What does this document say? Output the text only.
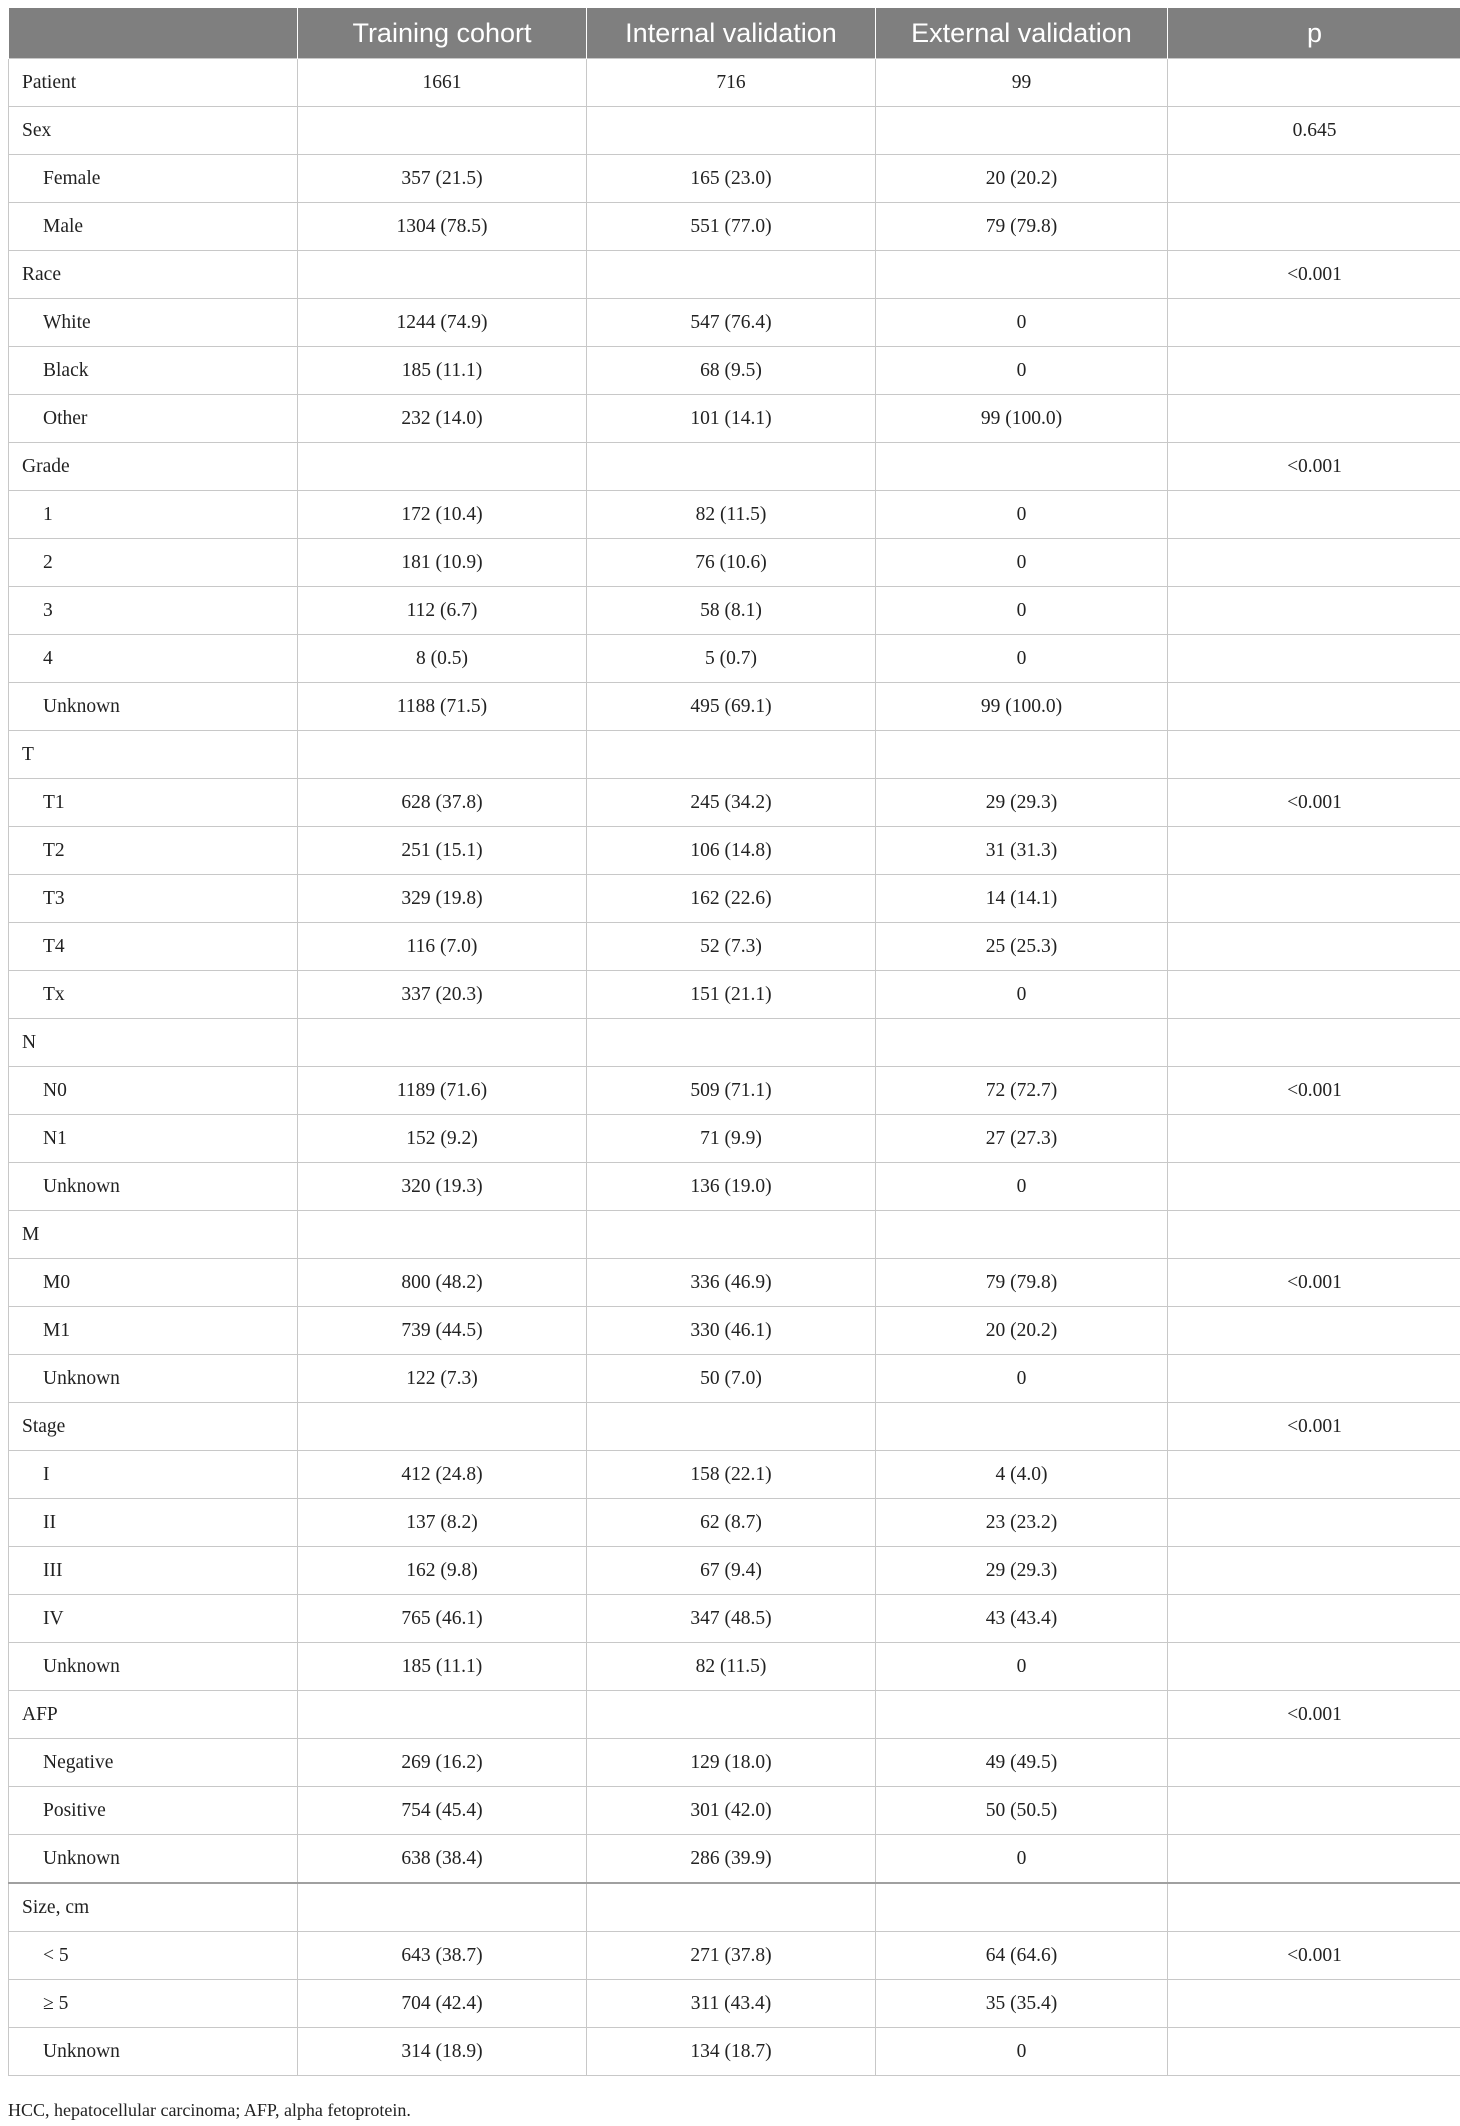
	Training cohort	Internal validation	External validation	p
Patient	1661	716	99	
Sex				0.645
Female	357 (21.5)	165 (23.0)	20 (20.2)	
Male	1304 (78.5)	551 (77.0)	79 (79.8)	
Race				<0.001
White	1244 (74.9)	547 (76.4)	0	
Black	185 (11.1)	68 (9.5)	0	
Other	232 (14.0)	101 (14.1)	99 (100.0)	
Grade				<0.001
1	172 (10.4)	82 (11.5)	0	
2	181 (10.9)	76 (10.6)	0	
3	112 (6.7)	58 (8.1)	0	
4	8 (0.5)	5 (0.7)	0	
Unknown	1188 (71.5)	495 (69.1)	99 (100.0)	
T				
T1	628 (37.8)	245 (34.2)	29 (29.3)	<0.001
T2	251 (15.1)	106 (14.8)	31 (31.3)	
T3	329 (19.8)	162 (22.6)	14 (14.1)	
T4	116 (7.0)	52 (7.3)	25 (25.3)	
Tx	337 (20.3)	151 (21.1)	0	
N				
N0	1189 (71.6)	509 (71.1)	72 (72.7)	<0.001
N1	152 (9.2)	71 (9.9)	27 (27.3)	
Unknown	320 (19.3)	136 (19.0)	0	
M				
M0	800 (48.2)	336 (46.9)	79 (79.8)	<0.001
M1	739 (44.5)	330 (46.1)	20 (20.2)	
Unknown	122 (7.3)	50 (7.0)	0	
Stage				<0.001
I	412 (24.8)	158 (22.1)	4 (4.0)	
II	137 (8.2)	62 (8.7)	23 (23.2)	
III	162 (9.8)	67 (9.4)	29 (29.3)	
IV	765 (46.1)	347 (48.5)	43 (43.4)	
Unknown	185 (11.1)	82 (11.5)	0	
AFP				<0.001
Negative	269 (16.2)	129 (18.0)	49 (49.5)	
Positive	754 (45.4)	301 (42.0)	50 (50.5)	
Unknown	638 (38.4)	286 (39.9)	0	
Size, cm				
< 5	643 (38.7)	271 (37.8)	64 (64.6)	<0.001
≥ 5	704 (42.4)	311 (43.4)	35 (35.4)	
Unknown	314 (18.9)	134 (18.7)	0	
HCC, hepatocellular carcinoma; AFP, alpha fetoprotein.
